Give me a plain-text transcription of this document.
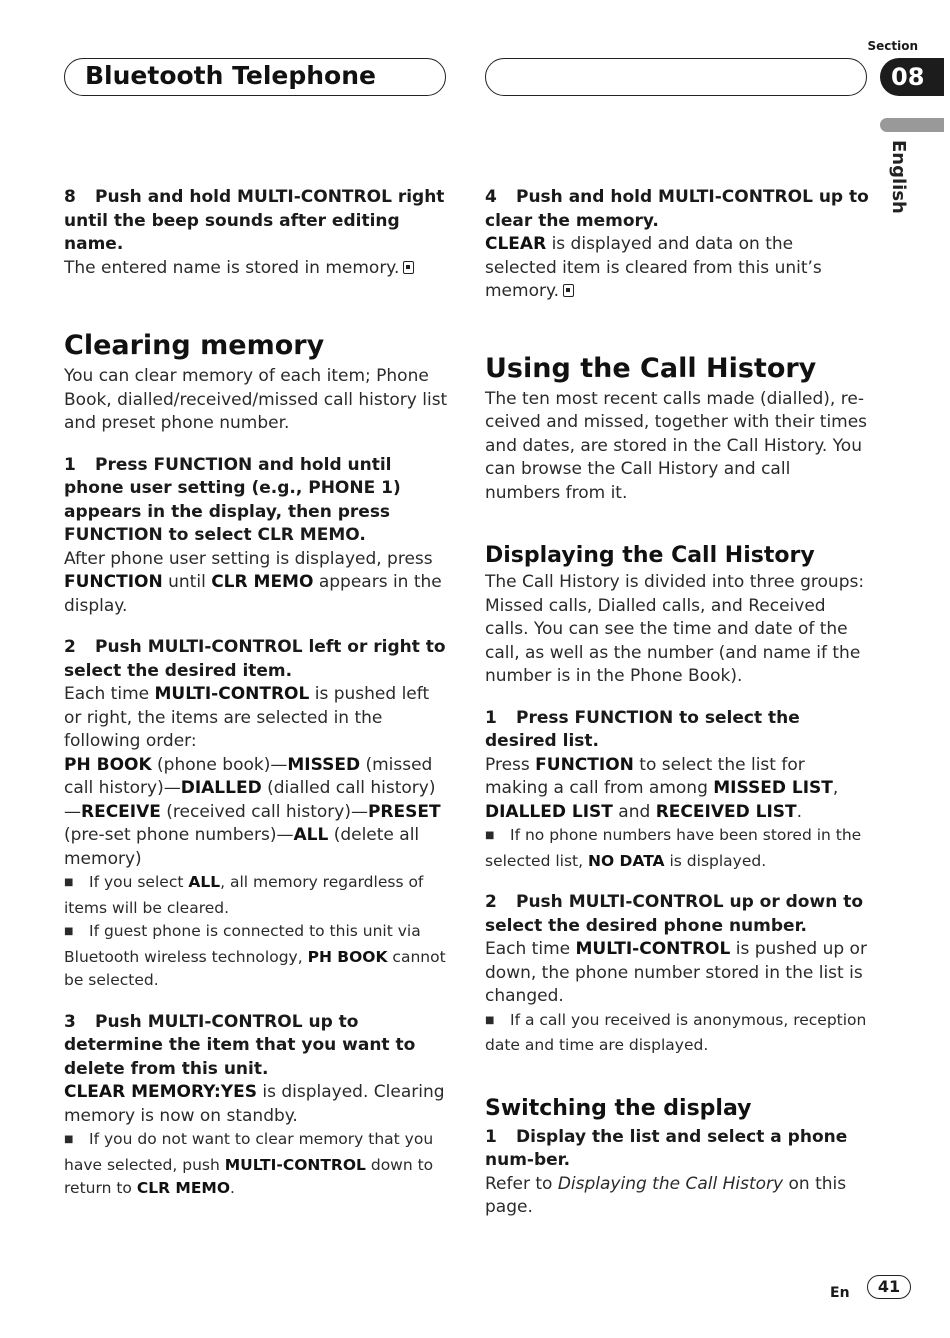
Bluetooth Telephone
Section
08
English

8 Push and hold MULTI-CONTROL right until the beep sounds after editing name.

The entered name is stored in memory.

Clearing memory

You can clear memory of each item; Phone Book, dialled/received/missed call history list and preset phone number.

1 Press FUNCTION and hold until phone user setting (e.g., PHONE 1) appears in the display, then press FUNCTION to select CLR MEMO.

After phone user setting is displayed, press FUNCTION until CLR MEMO appears in the display.

2 Push MULTI-CONTROL left or right to select the desired item.

Each time MULTI-CONTROL is pushed left or right, the items are selected in the following order:

PH BOOK (phone book)—MISSED (missed call history)—DIALLED (dialled call history)—RECEIVE (received call history)—PRESET (pre-set phone numbers)—ALL (delete all memory)

■ If you select ALL, all memory regardless of items will be cleared.

■ If guest phone is connected to this unit via Bluetooth wireless technology, PH BOOK cannot be selected.

3 Push MULTI-CONTROL up to determine the item that you want to delete from this unit.

CLEAR MEMORY:YES is displayed. Clearing memory is now on standby.

■ If you do not want to clear memory that you have selected, push MULTI-CONTROL down to return to CLR MEMO.

4 Push and hold MULTI-CONTROL up to clear the memory.

CLEAR is displayed and data on the selected item is cleared from this unit’s memory.

Using the Call History

The ten most recent calls made (dialled), re-ceived and missed, together with their times and dates, are stored in the Call History. You can browse the Call History and call numbers from it.

Displaying the Call History

The Call History is divided into three groups: Missed calls, Dialled calls, and Received calls. You can see the time and date of the call, as well as the number (and name if the number is in the Phone Book).

1 Press FUNCTION to select the desired list.

Press FUNCTION to select the list for making a call from among MISSED LIST, DIALLED LIST and RECEIVED LIST.

■ If no phone numbers have been stored in the selected list, NO DATA is displayed.

2 Push MULTI-CONTROL up or down to select the desired phone number.

Each time MULTI-CONTROL is pushed up or down, the phone number stored in the list is changed.

■ If a call you received is anonymous, reception date and time are displayed.

Switching the display

1 Display the list and select a phone num-ber.

Refer to Displaying the Call History on this page.

En	41
